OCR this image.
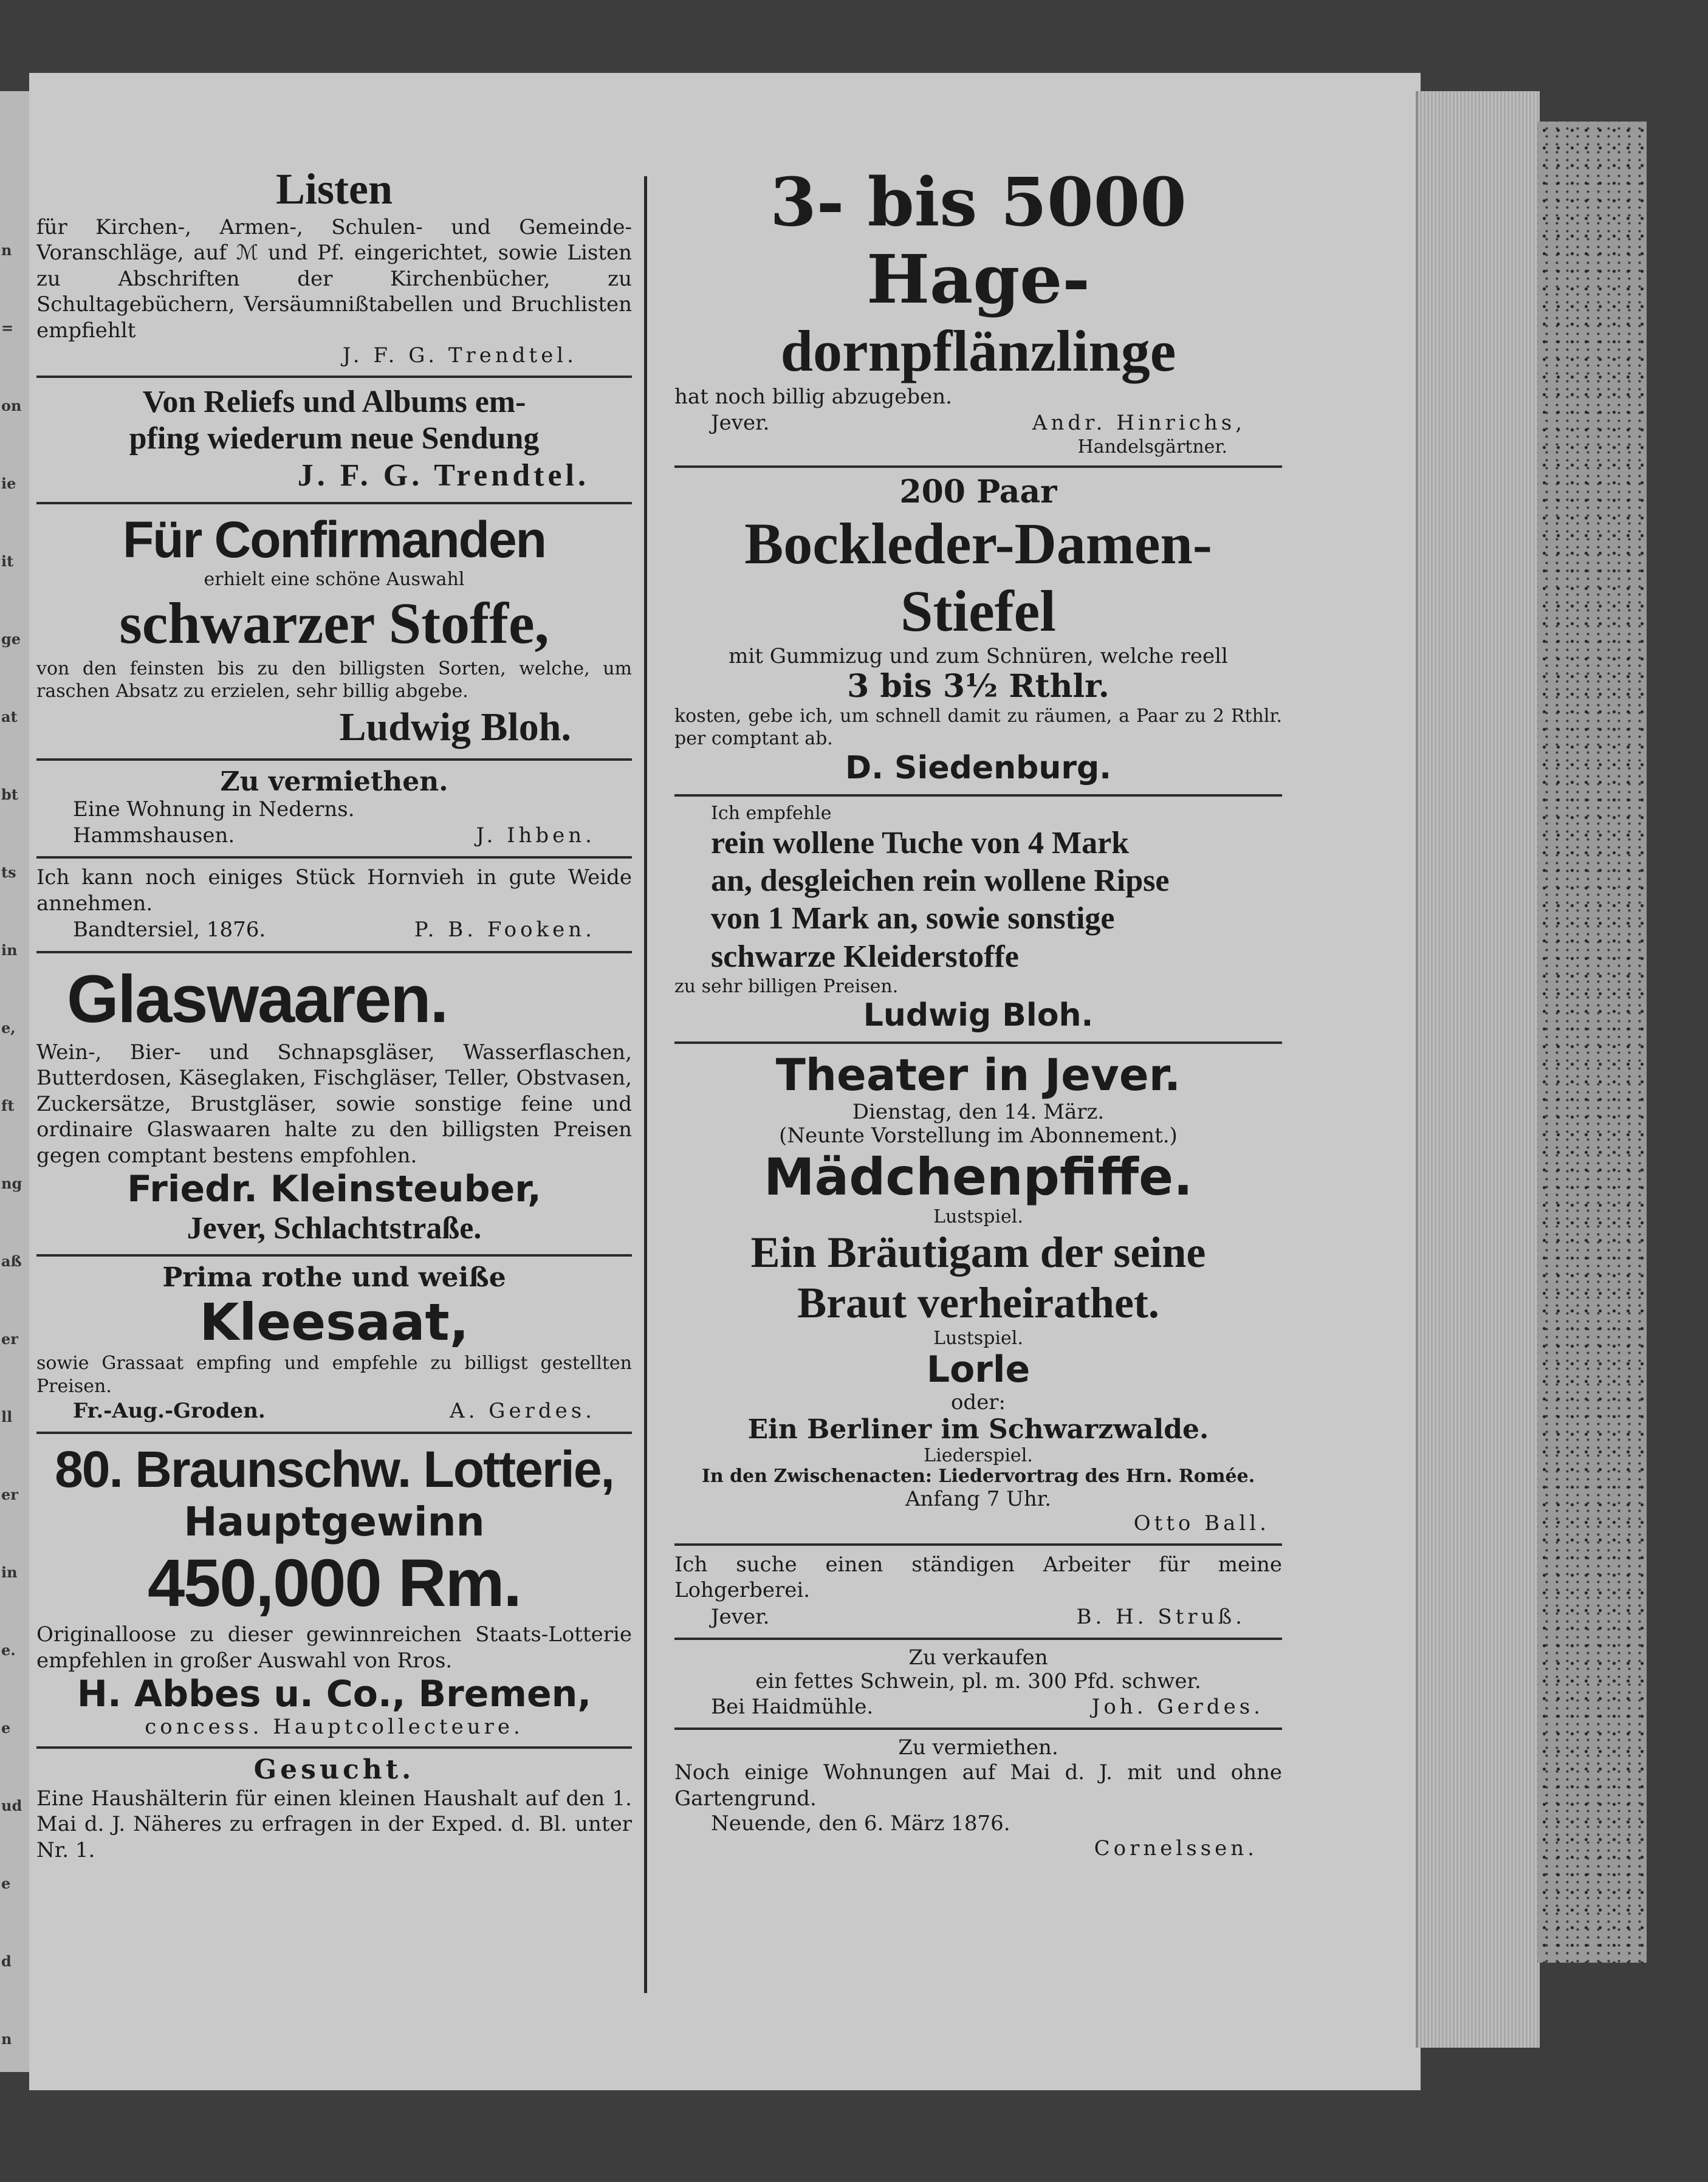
n
=
on
ie
it
ge
at
bt
ts
in
e,
ft
ng
aß
er
ll
er
in
e.
e
ud
e
d
n
Listen
für Kirchen-, Armen-, Schulen- und Gemeinde-Voranschläge, auf ℳ und Pf. eingerichtet, sowie Listen zu Abschriften der Kirchenbücher, zu Schultagebüchern, Versäumnißtabellen und Bruchlisten empfiehlt
J. F. G. Trendtel.
Von Reliefs und Albums em-
pfing wiederum neue Sendung
J. F. G. Trendtel.
Für Confirmanden
erhielt eine schöne Auswahl
schwarzer Stoffe,
von den feinsten bis zu den billigsten Sorten, welche, um raschen Absatz zu erzielen, sehr billig abgebe.
Ludwig Bloh.
Zu vermiethen.
Eine Wohnung in Nederns.
Hammshausen.	J. Ihben.
Ich kann noch einiges Stück Hornvieh in gute Weide annehmen.
Bandtersiel, 1876.	P. B. Fooken.
Glaswaaren.
Wein-, Bier- und Schnapsgläser, Wasserflaschen, Butterdosen, Käseglaken, Fischgläser, Teller, Obstvasen, Zuckersätze, Brustgläser, sowie sonstige feine und ordinaire Glaswaaren halte zu den billigsten Preisen gegen comptant bestens empfohlen.
Friedr. Kleinsteuber,
Jever, Schlachtstraße.
Prima rothe und weiße
Kleesaat,
sowie Grassaat empfing und empfehle zu billigst gestellten Preisen.
Fr.-Aug.-Groden.	A. Gerdes.
80. Braunschw. Lotterie,
Hauptgewinn
450,000 Rm.
Originalloose zu dieser gewinnreichen Staats-Lotterie empfehlen in großer Auswahl von Rros.
H. Abbes u. Co., Bremen,
concess. Hauptcollecteure.
Gesucht.
Eine Haushälterin für einen kleinen Haushalt auf den 1. Mai d. J. Näheres zu erfragen in der Exped. d. Bl. unter Nr. 1.
3- bis 5000 Hage-
dornpflänzlinge
hat noch billig abzugeben.
Jever.	Andr. Hinrichs,
Handelsgärtner.
200 Paar
Bockleder-Damen-
Stiefel
mit Gummizug und zum Schnüren, welche reell
3 bis 3½ Rthlr.
kosten, gebe ich, um schnell damit zu räumen, a Paar zu 2 Rthlr. per comptant ab.
D. Siedenburg.
Ich empfehle
rein wollene Tuche von 4 Mark
an, desgleichen rein wollene Ripse
von 1 Mark an, sowie sonstige
schwarze Kleiderstoffe
zu sehr billigen Preisen.
Ludwig Bloh.
Theater in Jever.
Dienstag, den 14. März.
(Neunte Vorstellung im Abonnement.)
Mädchenpfiffe.
Lustspiel.
Ein Bräutigam der seine
Braut verheirathet.
Lustspiel.
Lorle
oder:
Ein Berliner im Schwarzwalde.
Liederspiel.
In den Zwischenacten: Liedervortrag des Hrn. Romée.
Anfang 7 Uhr.
Otto Ball.
Ich suche einen ständigen Arbeiter für meine Lohgerberei.
Jever.	B. H. Struß.
Zu verkaufen
ein fettes Schwein, pl. m. 300 Pfd. schwer.
Bei Haidmühle.	Joh. Gerdes.
Zu vermiethen.
Noch einige Wohnungen auf Mai d. J. mit und ohne Gartengrund.
Neuende, den 6. März 1876.
Cornelssen.
